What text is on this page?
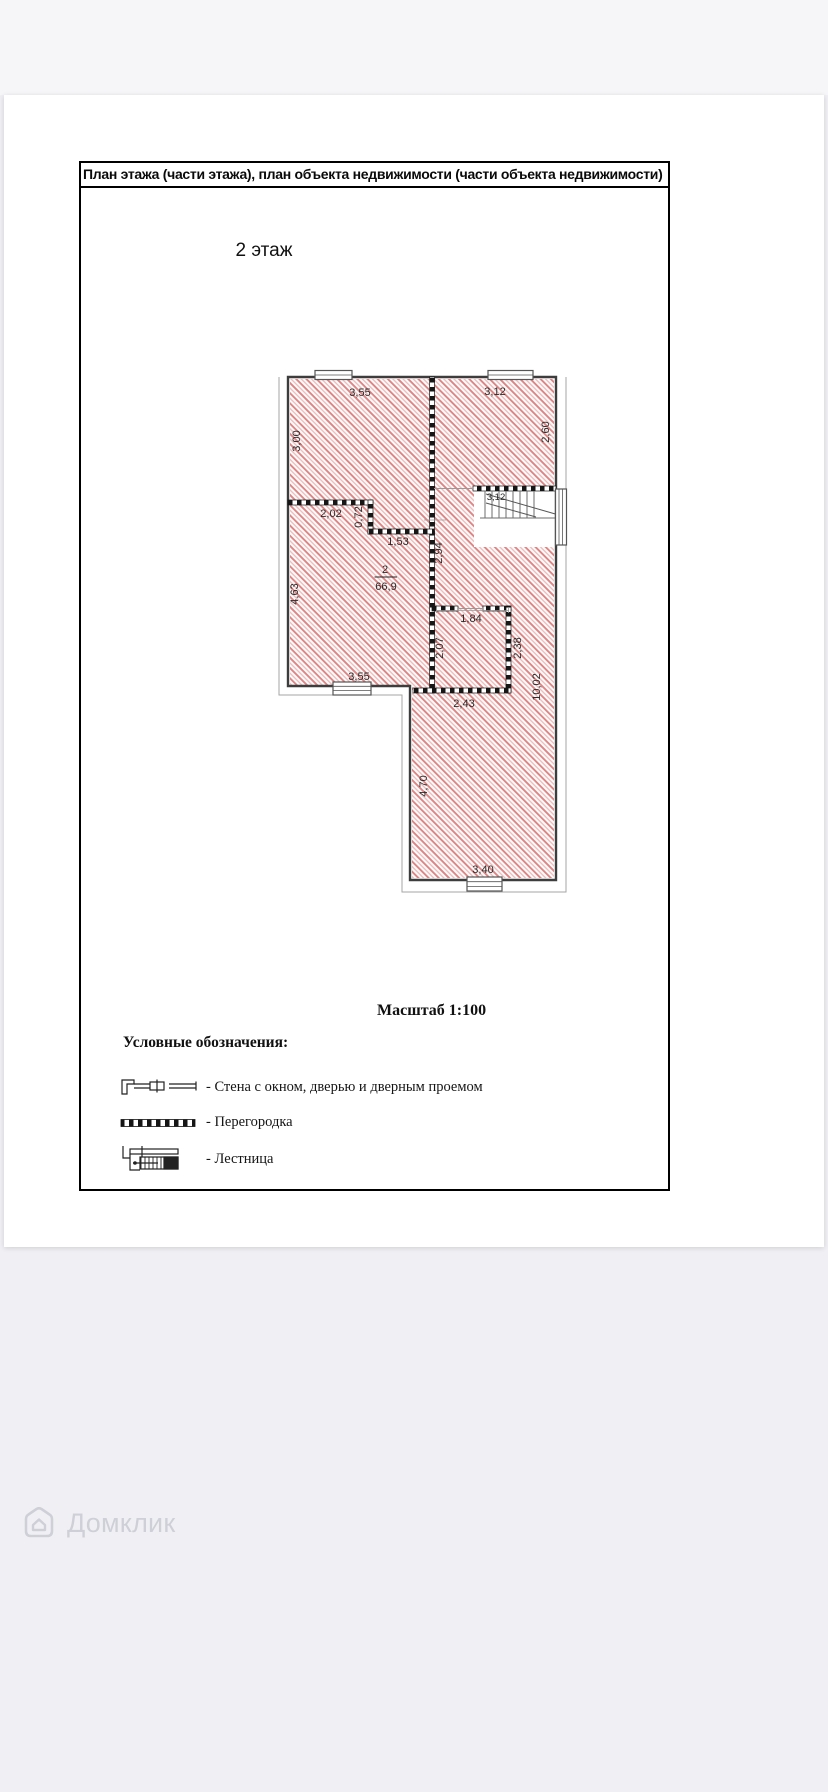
План этажа (части этажа), план объекта недвижимости (части объекта недвижимости)
2 этаж
2
66,9
3,55
3,00
3,12
2,60
2,02 0,72
1,53
2,94
3,12
4,63
3,55
1,84
2,07	2,38
2,43
10,02
4,70
3,40
Масштаб 1:100
Условные обозначения:
- Стена с окном, дверью и дверным проемом
- Перегородка
- Лестница
Домклик
